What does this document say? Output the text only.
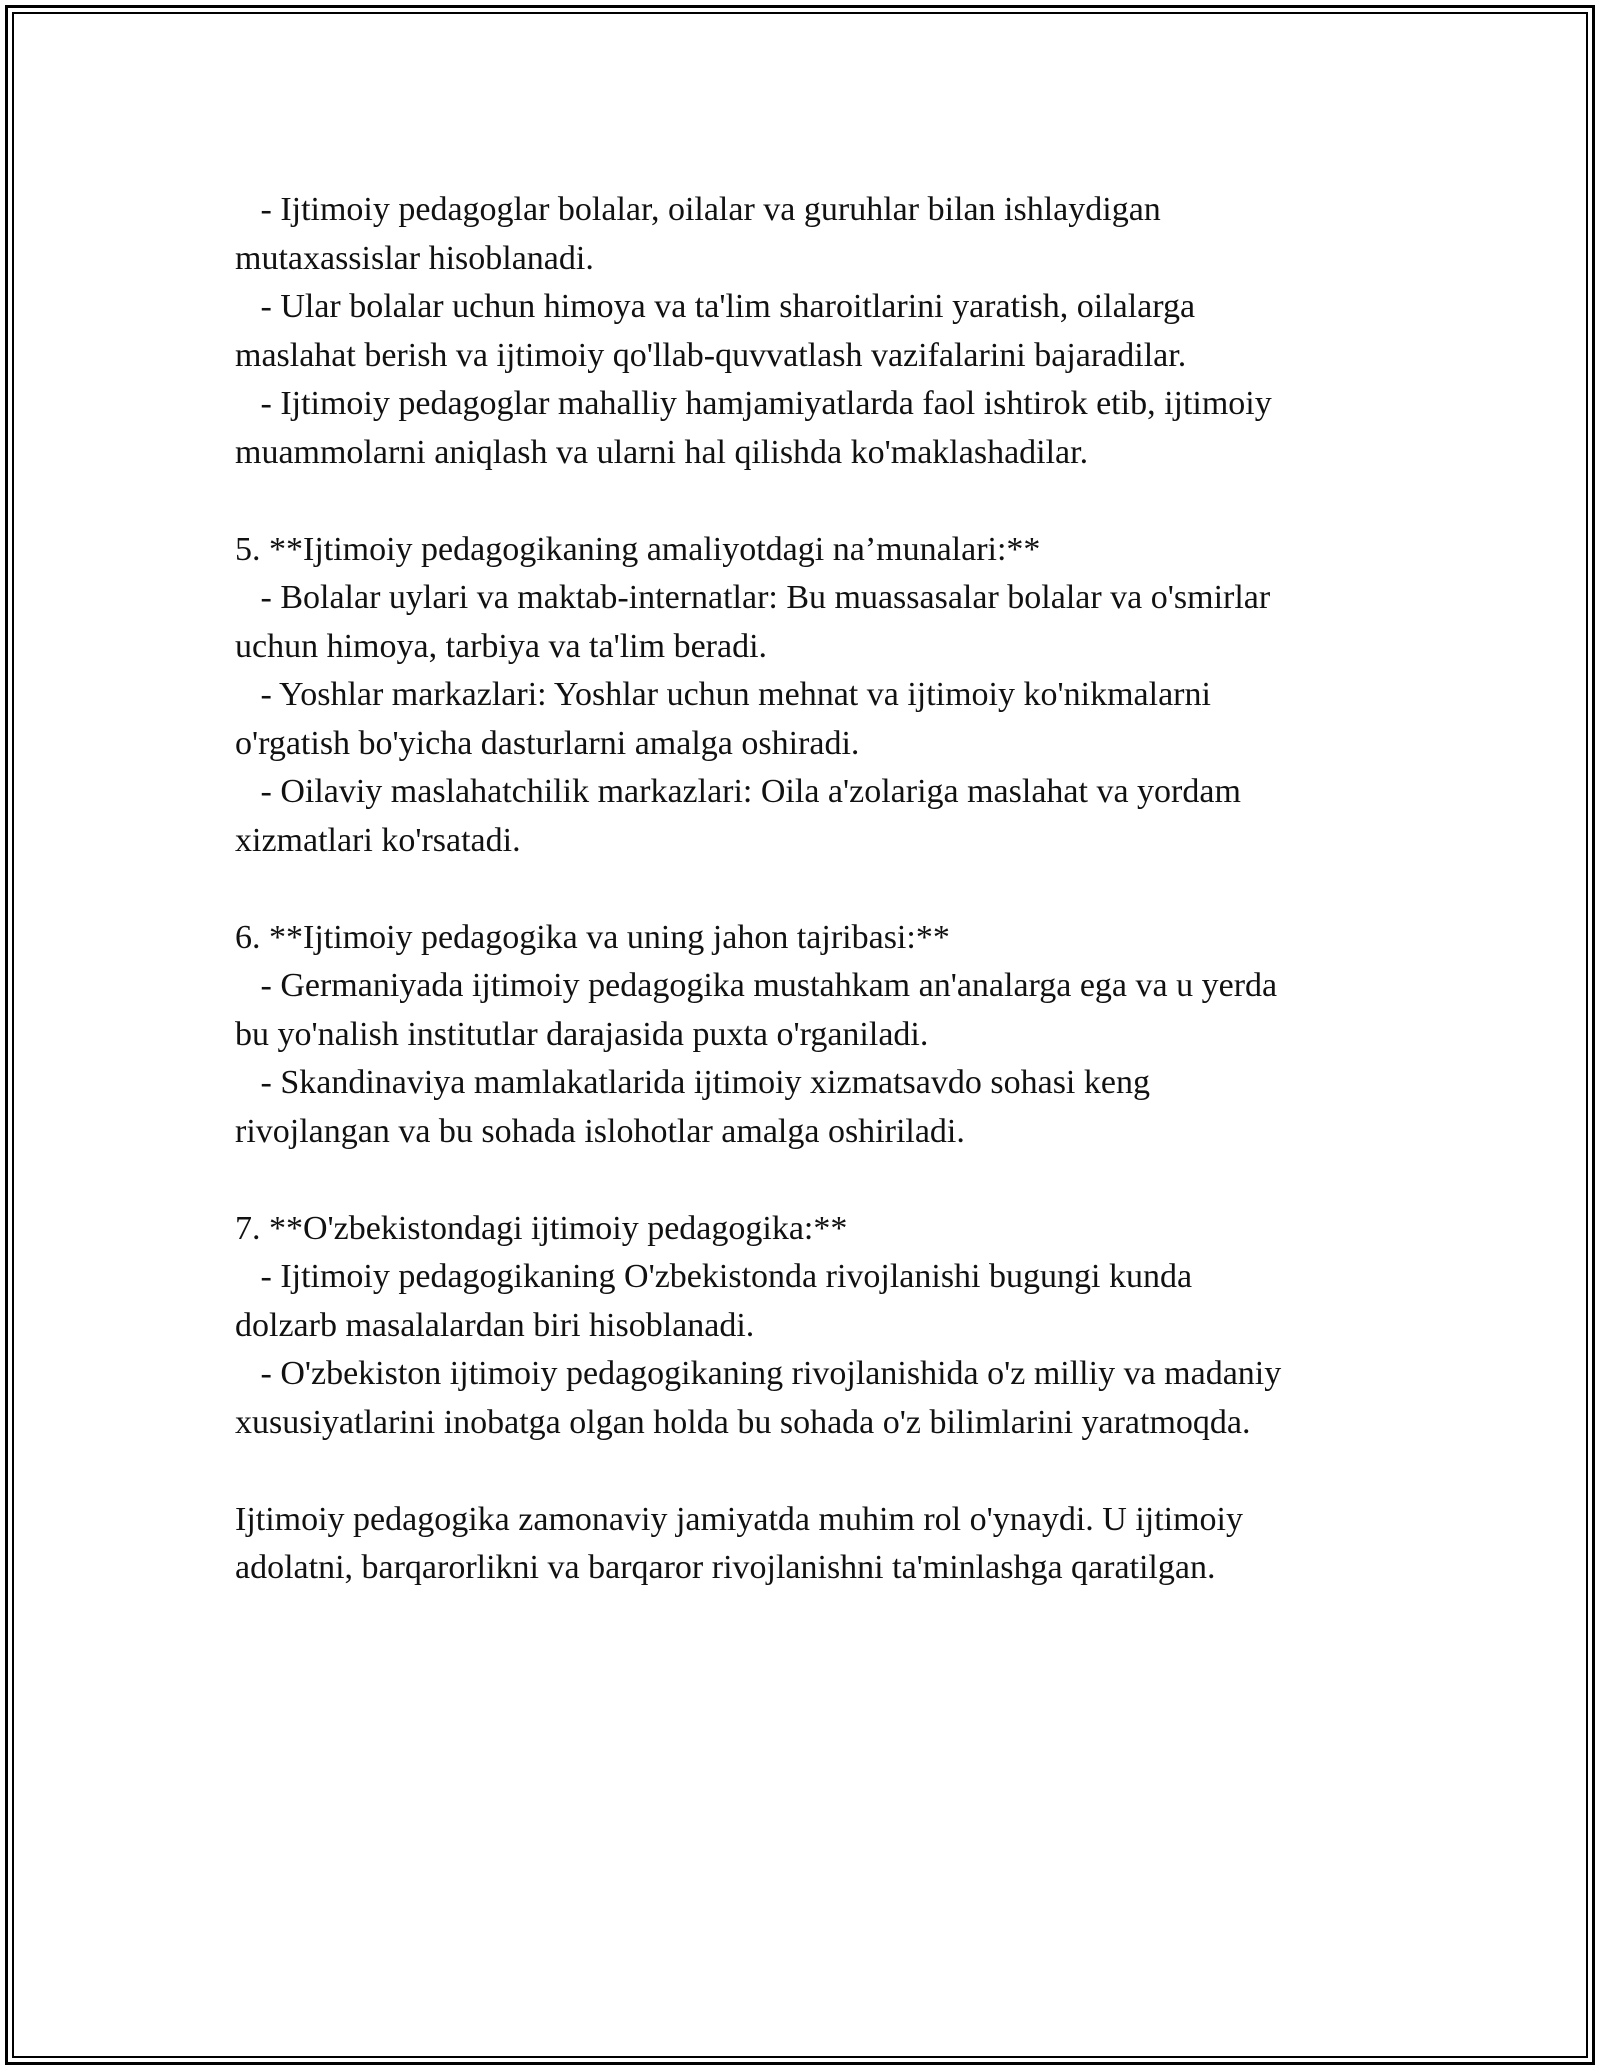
- Ijtimoiy pedagoglar bolalar, oilalar va guruhlar bilan ishlaydigan
mutaxassislar hisoblanadi.
- Ular bolalar uchun himoya va ta'lim sharoitlarini yaratish, oilalarga
maslahat berish va ijtimoiy qo'llab-quvvatlash vazifalarini bajaradilar.
- Ijtimoiy pedagoglar mahalliy hamjamiyatlarda faol ishtirok etib, ijtimoiy
muammolarni aniqlash va ularni hal qilishda ko'maklashadilar.
5. **Ijtimoiy pedagogikaning amaliyotdagi na’munalari:**
- Bolalar uylari va maktab-internatlar: Bu muassasalar bolalar va o'smirlar
uchun himoya, tarbiya va ta'lim beradi.
- Yoshlar markazlari: Yoshlar uchun mehnat va ijtimoiy ko'nikmalarni
o'rgatish bo'yicha dasturlarni amalga oshiradi.
- Oilaviy maslahatchilik markazlari: Oila a'zolariga maslahat va yordam
xizmatlari ko'rsatadi.
6. **Ijtimoiy pedagogika va uning jahon tajribasi:**
- Germaniyada ijtimoiy pedagogika mustahkam an'analarga ega va u yerda
bu yo'nalish institutlar darajasida puxta o'rganiladi.
- Skandinaviya mamlakatlarida ijtimoiy xizmatsavdo sohasi keng
rivojlangan va bu sohada islohotlar amalga oshiriladi.
7. **O'zbekistondagi ijtimoiy pedagogika:**
- Ijtimoiy pedagogikaning O'zbekistonda rivojlanishi bugungi kunda
dolzarb masalalardan biri hisoblanadi.
- O'zbekiston ijtimoiy pedagogikaning rivojlanishida o'z milliy va madaniy
xususiyatlarini inobatga olgan holda bu sohada o'z bilimlarini yaratmoqda.
Ijtimoiy pedagogika zamonaviy jamiyatda muhim rol o'ynaydi. U ijtimoiy
adolatni, barqarorlikni va barqaror rivojlanishni ta'minlashga qaratilgan.
